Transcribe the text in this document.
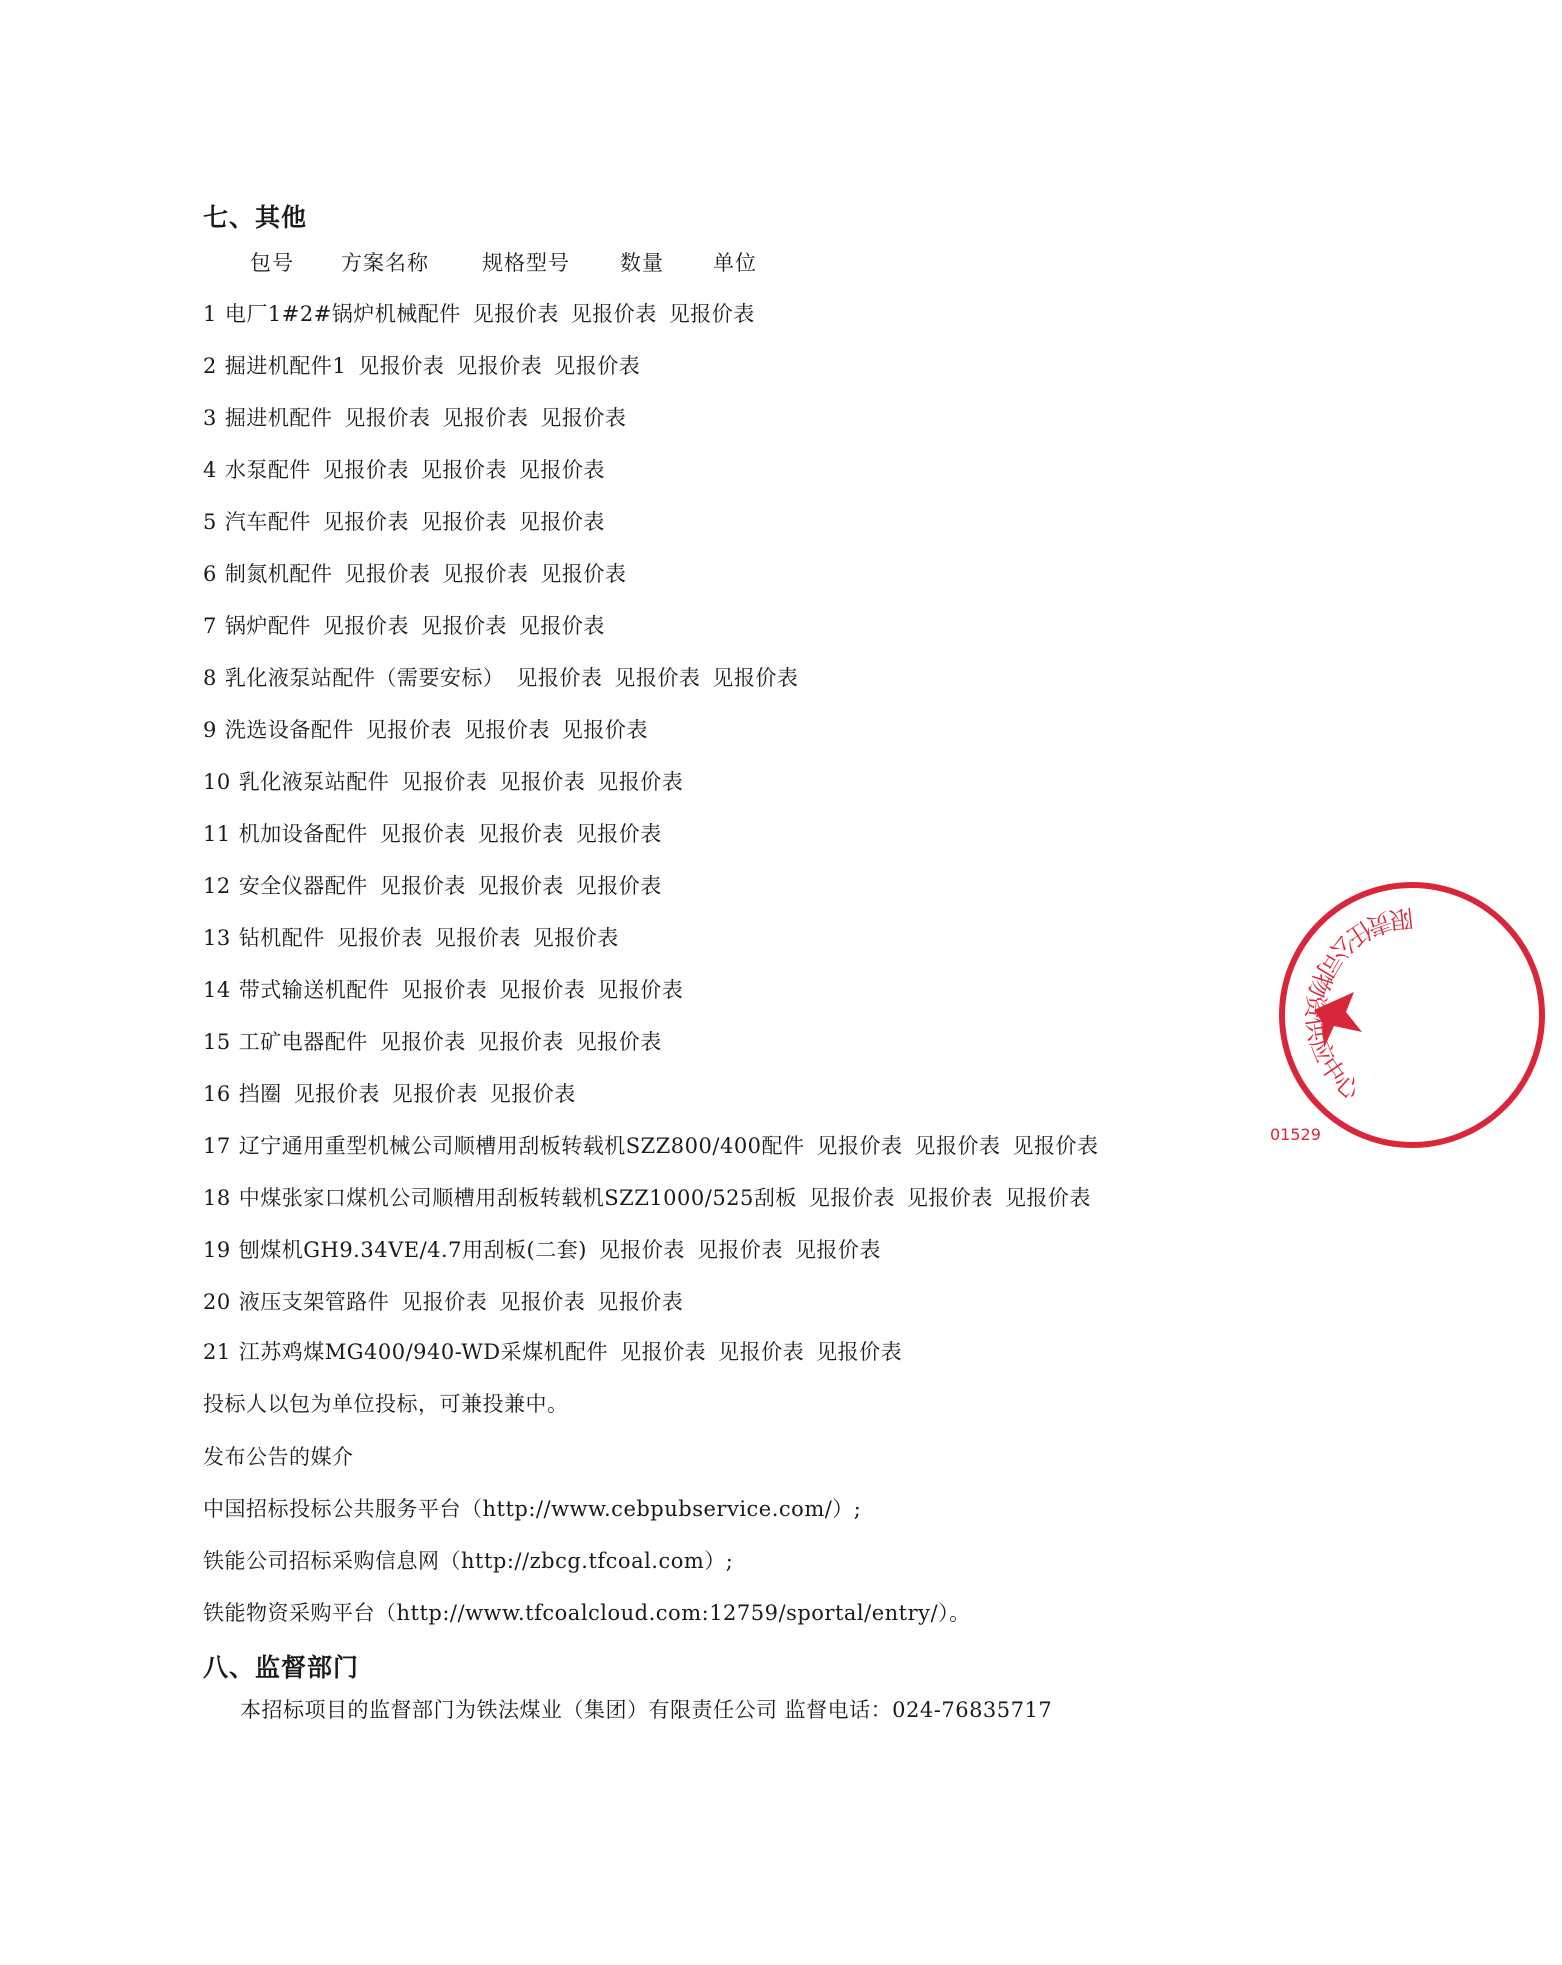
七、其他
包号 方案名称	规格型号 数量 单位
1 电厂1#2#锅炉机械配件 见报价表 见报价表 见报价表
2 掘进机配件1 见报价表 见报价表 见报价表
3 掘进机配件 见报价表 见报价表 见报价表
4 水泵配件 见报价表 见报价表 见报价表
5 汽车配件 见报价表 见报价表 见报价表
6 制氮机配件 见报价表 见报价表 见报价表
7 锅炉配件 见报价表 见报价表 见报价表
8 乳化液泵站配件（需要安标） 见报价表 见报价表 见报价表
9 洗选设备配件 见报价表 见报价表 见报价表
10 乳化液泵站配件 见报价表 见报价表 见报价表
11 机加设备配件 见报价表 见报价表 见报价表
12 安全仪器配件 见报价表 见报价表 见报价表
13 钻机配件 见报价表 见报价表 见报价表
14 带式输送机配件 见报价表 见报价表 见报价表
15 工矿电器配件 见报价表 见报价表 见报价表
16 挡圈 见报价表 见报价表 见报价表
17 辽宁通用重型机械公司顺槽用刮板转载机SZZ800/400配件 见报价表 见报价表 见报价表
18 中煤张家口煤机公司顺槽用刮板转载机SZZ1000/525刮板 见报价表 见报价表 见报价表
19 刨煤机GH9.34VE/4.7用刮板(二套) 见报价表 见报价表 见报价表
20 液压支架管路件 见报价表 见报价表 见报价表
21 江苏鸡煤MG400/940-WD采煤机配件 见报价表 见报价表 见报价表
投标人以包为单位投标，可兼投兼中。
发布公告的媒介
中国招标投标公共服务平台（http://www.cebpubservice.com/）;
铁能公司招标采购信息网（http://zbcg.tfcoal.com）;
铁能物资采购平台（http://www.tfcoalcloud.com:12759/sportal/entry/）。
八、监督部门
本招标项目的监督部门为铁法煤业（集团）有限责任公司 监督电话：024-76835717
限责任公司物资供应中心
01529
